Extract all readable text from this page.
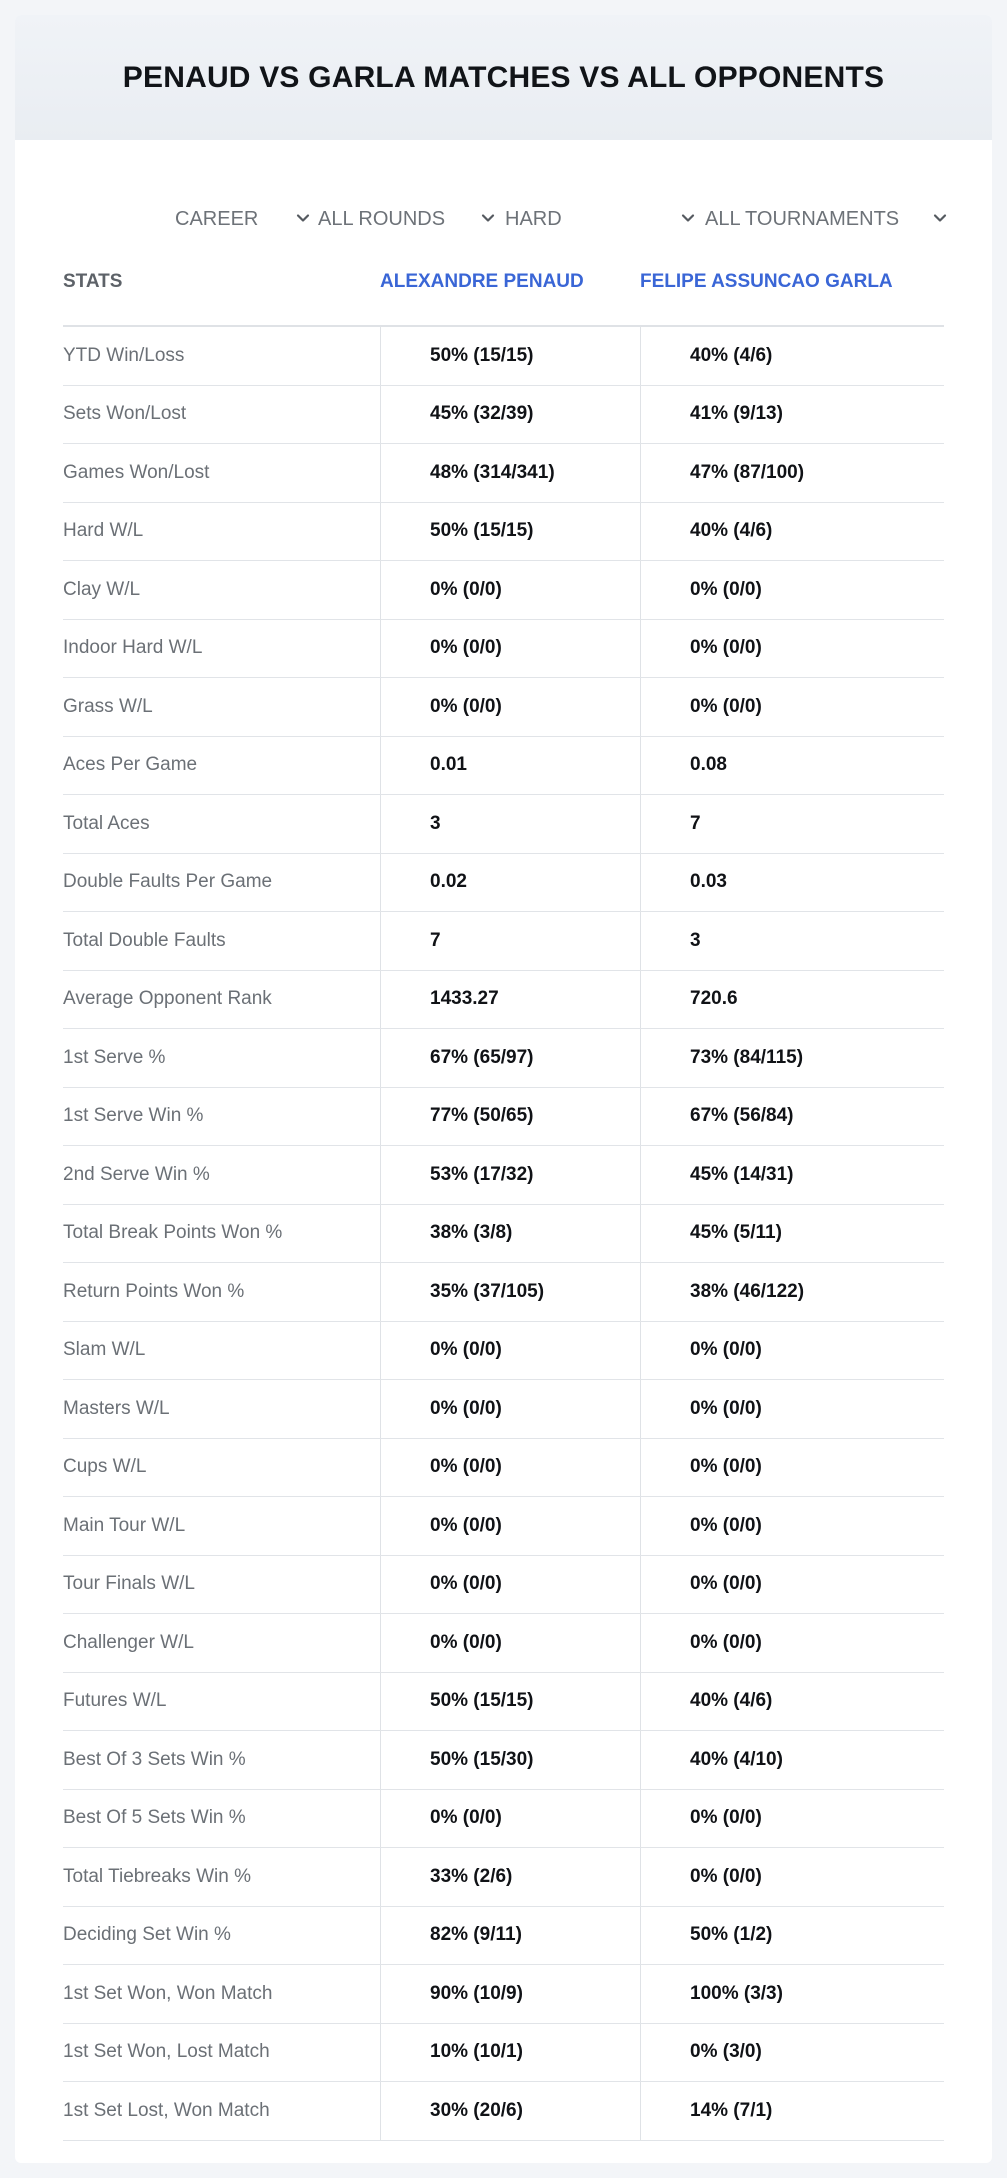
PENAUD VS GARLA MATCHES VS ALL OPPONENTS
CAREER	ALL ROUNDS	HARD	ALL TOURNAMENTS
STATS	ALEXANDRE PENAUD	FELIPE ASSUNCAO GARLA
YTD Win/Loss	50% (15/15)	40% (4/6)
Sets Won/Lost	45% (32/39)	41% (9/13)
Games Won/Lost	48% (314/341)	47% (87/100)
Hard W/L	50% (15/15)	40% (4/6)
Clay W/L	0% (0/0)	0% (0/0)
Indoor Hard W/L	0% (0/0)	0% (0/0)
Grass W/L	0% (0/0)	0% (0/0)
Aces Per Game	0.01	0.08
Total Aces	3	7
Double Faults Per Game	0.02	0.03
Total Double Faults	7	3
Average Opponent Rank	1433.27	720.6
1st Serve %	67% (65/97)	73% (84/115)
1st Serve Win %	77% (50/65)	67% (56/84)
2nd Serve Win %	53% (17/32)	45% (14/31)
Total Break Points Won %	38% (3/8)	45% (5/11)
Return Points Won %	35% (37/105)	38% (46/122)
Slam W/L	0% (0/0)	0% (0/0)
Masters W/L	0% (0/0)	0% (0/0)
Cups W/L	0% (0/0)	0% (0/0)
Main Tour W/L	0% (0/0)	0% (0/0)
Tour Finals W/L	0% (0/0)	0% (0/0)
Challenger W/L	0% (0/0)	0% (0/0)
Futures W/L	50% (15/15)	40% (4/6)
Best Of 3 Sets Win %	50% (15/30)	40% (4/10)
Best Of 5 Sets Win %	0% (0/0)	0% (0/0)
Total Tiebreaks Win %	33% (2/6)	0% (0/0)
Deciding Set Win %	82% (9/11)	50% (1/2)
1st Set Won, Won Match	90% (10/9)	100% (3/3)
1st Set Won, Lost Match	10% (10/1)	0% (3/0)
1st Set Lost, Won Match	30% (20/6)	14% (7/1)
